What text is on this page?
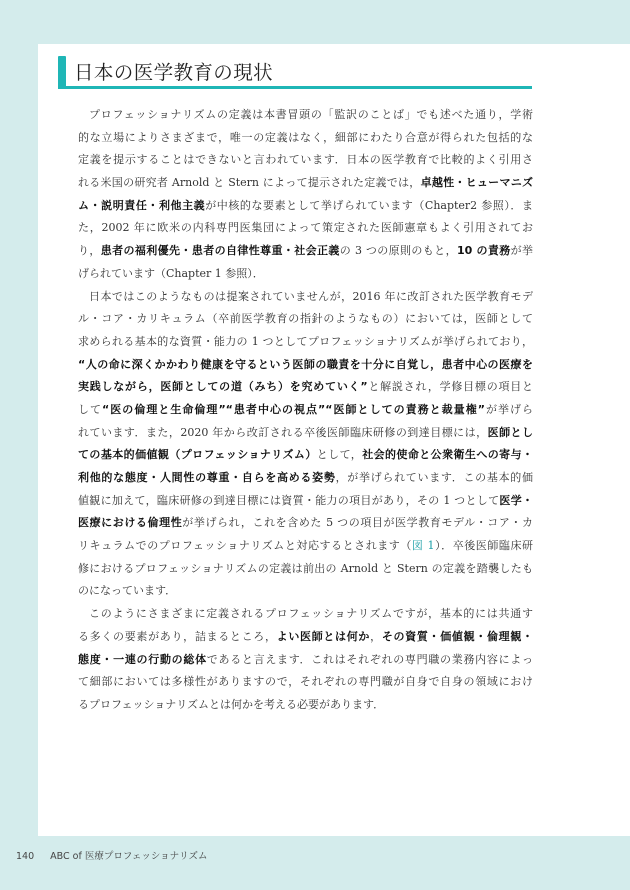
日本の医学教育の現状
プロフェッショナリズムの定義は本書冒頭の「監訳のことば」でも述べた通り，学術
的な立場によりさまざまで，唯一の定義はなく，細部にわたり合意が得られた包括的な
定義を提示することはできないと言われています．日本の医学教育で比較的よく引用さ
れる米国の研究者 Arnold と Stern によって提示された定義では，卓越性・ヒューマニズ
ム・説明責任・利他主義が中核的な要素として挙げられています（Chapter2 参照）．ま
た，2002 年に欧米の内科専門医集団によって策定された医師憲章もよく引用されてお
り，患者の福利優先・患者の自律性尊重・社会正義の 3 つの原則のもと，10 の責務が挙
げられています（Chapter 1 参照）．
日本ではこのようなものは提案されていませんが，2016 年に改訂された医学教育モデ
ル・コア・カリキュラム（卒前医学教育の指針のようなもの）においては，医師として
求められる基本的な資質・能力の 1 つとしてプロフェッショナリズムが挙げられており，
“人の命に深くかかわり健康を守るという医師の職責を十分に自覚し，患者中心の医療を
実践しながら，医師としての道（みち）を究めていく”と解説され，学修目標の項目と
して“医の倫理と生命倫理”“患者中心の視点”“医師としての責務と裁量権”が挙げら
れています．また，2020 年から改訂される卒後医師臨床研修の到達目標には，医師とし
ての基本的価値観（プロフェッショナリズム）として，社会的使命と公衆衛生への寄与・
利他的な態度・人間性の尊重・自らを高める姿勢，が挙げられています．この基本的価
値観に加えて，臨床研修の到達目標には資質・能力の項目があり，その 1 つとして医学・
医療における倫理性が挙げられ，これを含めた 5 つの項目が医学教育モデル・コア・カ
リキュラムでのプロフェッショナリズムと対応するとされます（図 1）．卒後医師臨床研
修におけるプロフェッショナリズムの定義は前出の Arnold と Stern の定義を踏襲したも
のになっています．
このようにさまざまに定義されるプロフェッショナリズムですが，基本的には共通す
る多くの要素があり，詰まるところ，よい医師とは何か，その資質・価値観・倫理観・
態度・一連の行動の総体であると言えます．これはそれぞれの専門職の業務内容によっ
て細部においては多様性がありますので，それぞれの専門職が自身で自身の領域におけ
るプロフェッショナリズムとは何かを考える必要があります．
140 ABC of 医療プロフェッショナリズム
